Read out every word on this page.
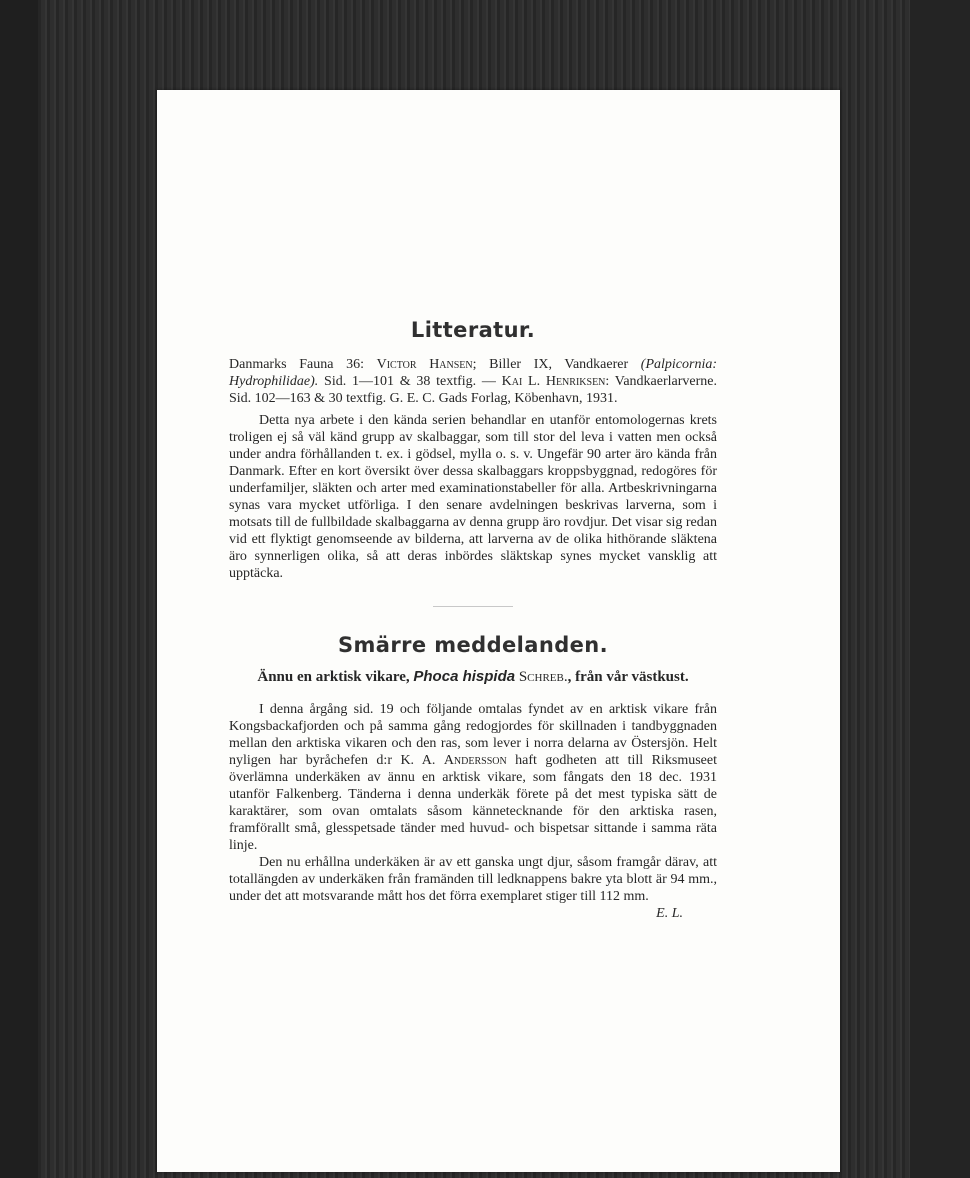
Litteratur.

Danmarks Fauna 36: Victor Hansen; Biller IX, Vandkaerer (Palpicornia: Hydrophilidae). Sid. 1—101 & 38 textfig. — Kai L. Henriksen: Vandkaerlarverne. Sid. 102—163 & 30 textfig. G. E. C. Gads Forlag, Köbenhavn, 1931.

Detta nya arbete i den kända serien behandlar en utanför entomologernas krets troligen ej så väl känd grupp av skalbaggar, som till stor del leva i vatten men också under andra förhållanden t. ex. i gödsel, mylla o. s. v. Ungefär 90 arter äro kända från Danmark. Efter en kort översikt över dessa skalbaggars kroppsbyggnad, redogöres för underfamiljer, släkten och arter med examinationstabeller för alla. Artbeskrivningarna synas vara mycket utförliga. I den senare avdelningen beskrivas larverna, som i motsats till de fullbildade skalbaggarna av denna grupp äro rovdjur. Det visar sig redan vid ett flyktigt genomseende av bilderna, att larverna av de olika hithörande släktena äro synnerligen olika, så att deras inbördes släktskap synes mycket vansklig att upptäcka.

Smärre meddelanden.
Ännu en arktisk vikare, Phoca hispida Schreb., från vår västkust.

I denna årgång sid. 19 och följande omtalas fyndet av en arktisk vikare från Kongsbackafjorden och på samma gång redogjordes för skillnaden i tandbyggnaden mellan den arktiska vikaren och den ras, som lever i norra delarna av Östersjön. Helt nyligen har byråchefen d:r K. A. Andersson haft godheten att till Riksmuseet överlämna underkäken av ännu en arktisk vikare, som fångats den 18 dec. 1931 utanför Falkenberg. Tänderna i denna underkäk förete på det mest typiska sätt de karaktärer, som ovan omtalats såsom kännetecknande för den arktiska rasen, framförallt små, glesspetsade tänder med huvud- och bispetsar sittande i samma räta linje.

Den nu erhållna underkäken är av ett ganska ungt djur, såsom framgår därav, att totallängden av underkäken från framänden till ledknappens bakre yta blott är 94 mm., under det att motsvarande mått hos det förra exemplaret stiger till 112 mm.
E. L.
